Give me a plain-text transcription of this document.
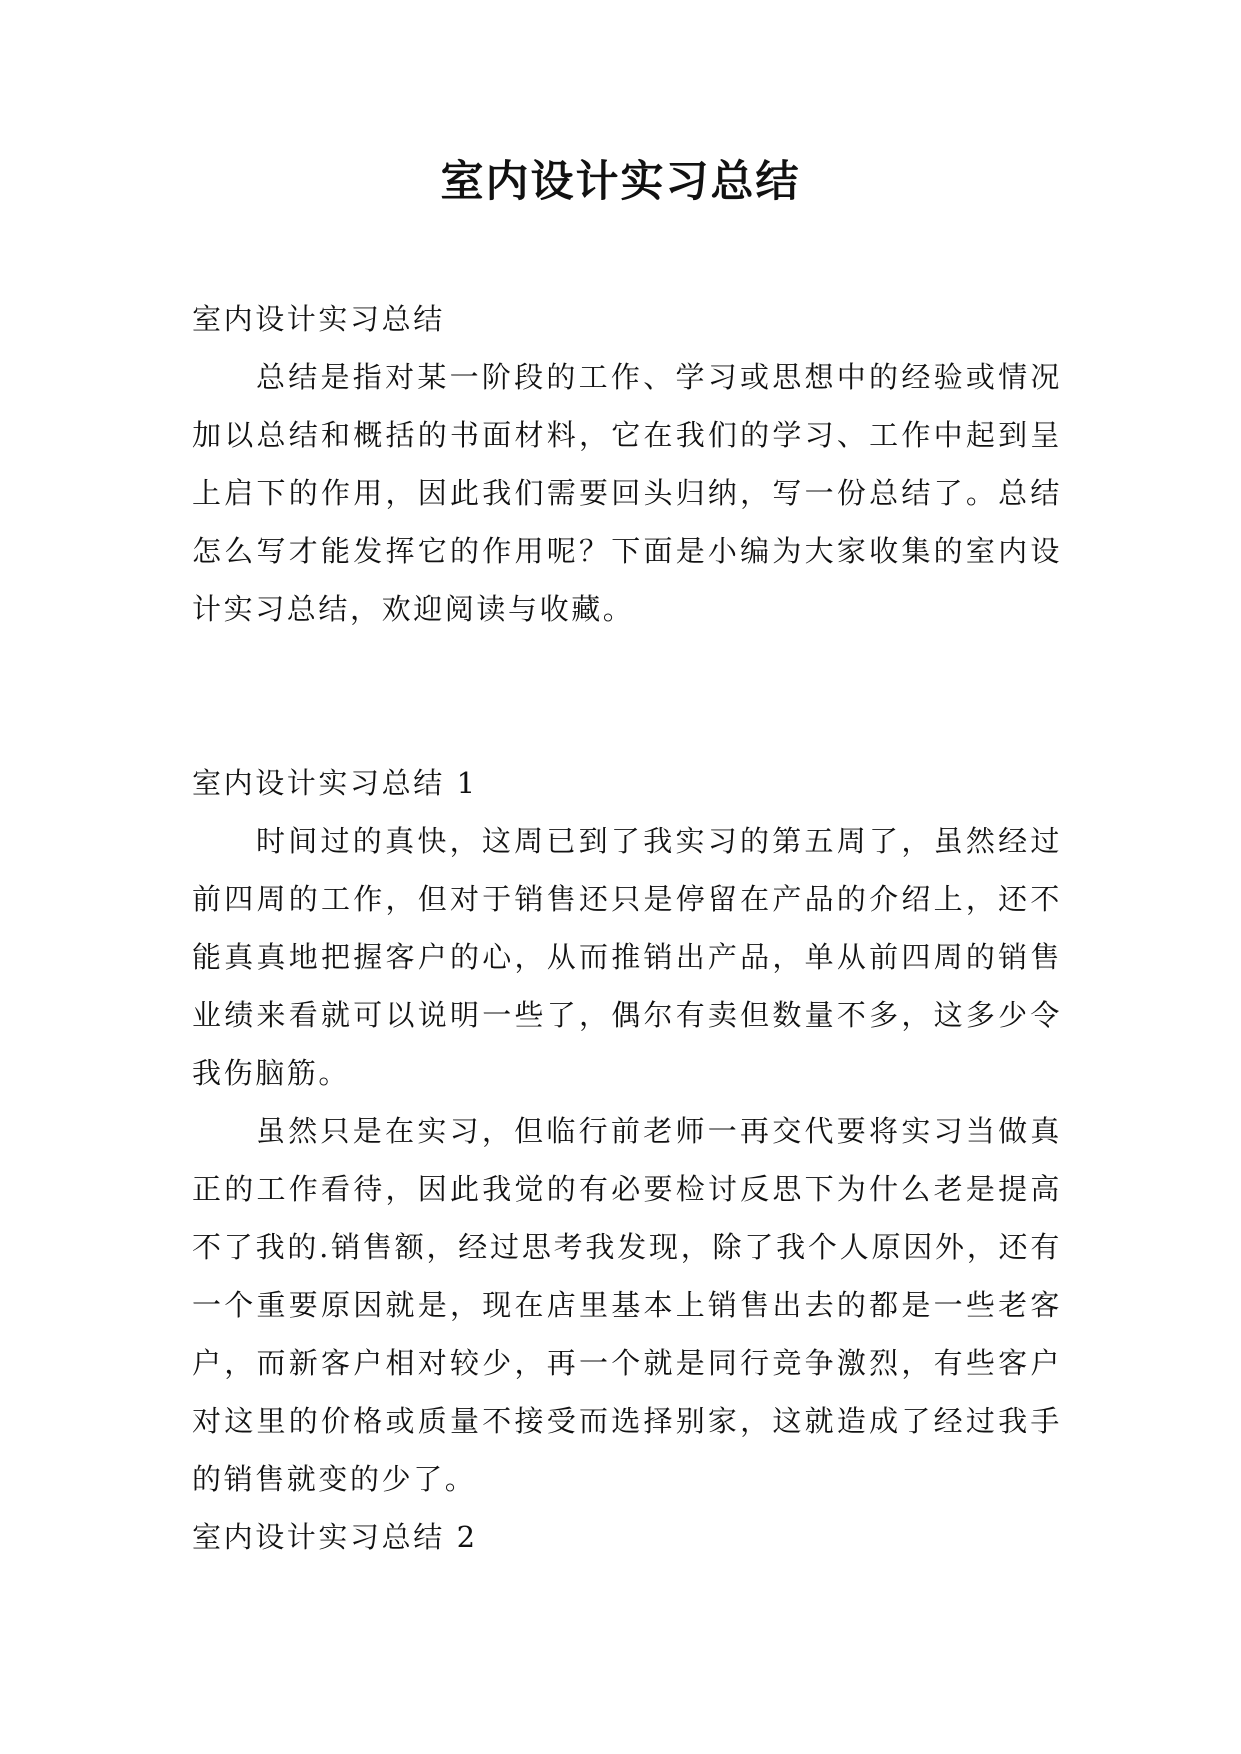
室内设计实习总结

室内设计实习总结

总结是指对某一阶段的工作、学习或思想中的经验或情况加以总结和概括的书面材料，它在我们的学习、工作中起到呈上启下的作用，因此我们需要回头归纳，写一份总结了。总结怎么写才能发挥它的作用呢？下面是小编为大家收集的室内设计实习总结，欢迎阅读与收藏。

室内设计实习总结 1

时间过的真快，这周已到了我实习的第五周了，虽然经过前四周的工作，但对于销售还只是停留在产品的介绍上，还不能真真地把握客户的心，从而推销出产品，单从前四周的销售业绩来看就可以说明一些了，偶尔有卖但数量不多，这多少令我伤脑筋。

虽然只是在实习，但临行前老师一再交代要将实习当做真正的工作看待，因此我觉的有必要检讨反思下为什么老是提高不了我的.销售额，经过思考我发现，除了我个人原因外，还有一个重要原因就是，现在店里基本上销售出去的都是一些老客户，而新客户相对较少，再一个就是同行竞争激烈，有些客户对这里的价格或质量不接受而选择别家，这就造成了经过我手的销售就变的少了。

室内设计实习总结 2
